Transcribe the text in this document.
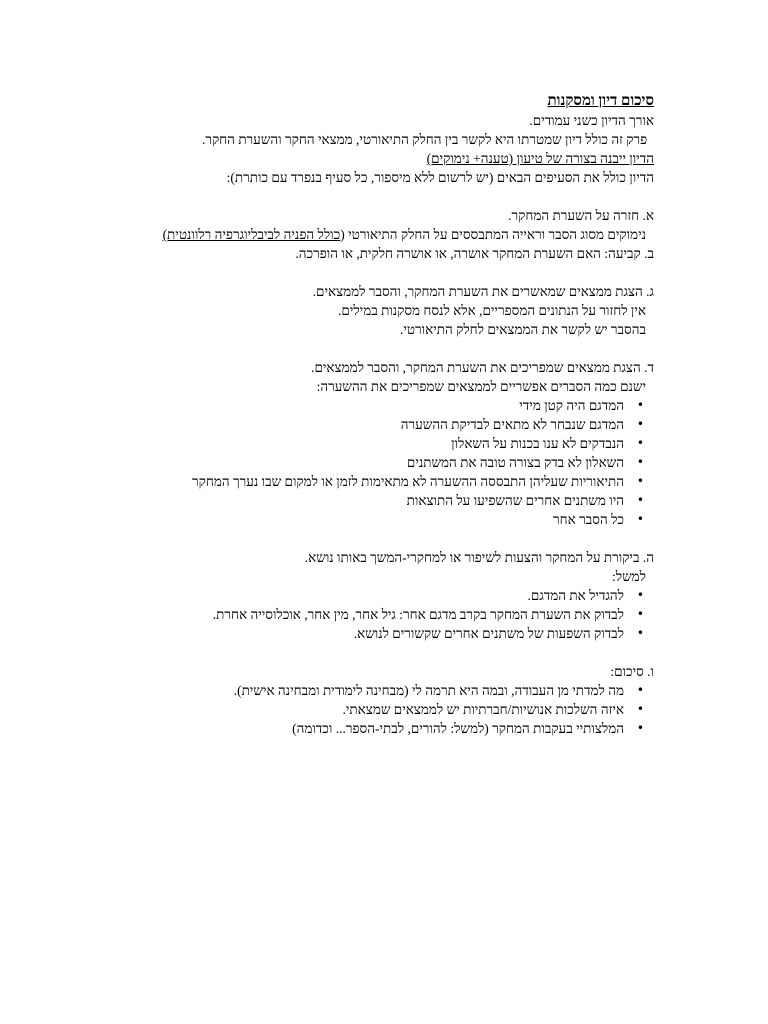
סיכום דיון ומסקנות
אורך הדיון כשני עמודים.
פרק זה כולל דיון שמטרתו היא לקשר בין החלק התיאורטי, ממצאי החקר והשערת החקר.
הדיון ייבנה בצורה של טיעון (טענה+ נימוקים)
הדיון כולל את הסעיפים הבאים (יש לרשום ללא מיספור, כל סעיף בנפרד עם כותרת):
א. חזרה על השערת המחקר.
נימוקים מסוג הסבר וראייה המתבססים על החלק התיאורטי (כולל הפניה לביבליוגרפיה רלוונטית)
ב. קביעה: האם השערת המחקר אושרה, או אושרה חלקית, או הופרכה.
ג. הצגת ממצאים שמאשרים את השערת המחקר, והסבר לממצאים.
אין לחזור על הנתונים המספריים, אלא לנסח מסקנות במילים.
בהסבר יש לקשר את הממצאים לחלק התיאורטי.
ד. הצגת ממצאים שמפריכים את השערת המחקר, והסבר לממצאים.
ישנם כמה הסברים אפשריים לממצאים שמפריכים את ההשערה:
• המדגם היה קטן מידי
• המדגם שנבחר לא מתאים לבדיקת ההשערה
• הנבדקים לא ענו בכנות על השאלון
• השאלון לא בדק בצורה טובה את המשתנים
• התיאוריות שעליהן התבססה ההשערה לא מתאימות לזמן או למקום שבו נערך המחקר
• היו משתנים אחרים שהשפיעו על התוצאות
• כל הסבר אחר
ה. ביקורת על המחקר והצעות לשיפור או למחקרי-המשך באותו נושא.
למשל:
• להגדיל את המדגם.
• לבדוק את השערת המחקר בקרב מדגם אחר: גיל אחר, מין אחר, אוכלוסייה אחרת.
• לבדוק השפעות של משתנים אחרים שקשורים לנושא.
ו. סיכום:
• מה למדתי מן העבודה, ובמה היא תרמה לי (מבחינה לימודית ומבחינה אישית).
• איזה השלכות אנושיות/חברתיות יש לממצאים שמצאתי.
• המלצותיי בעקבות המחקר (למשל: להורים, לבתי-הספר... וכדומה)
